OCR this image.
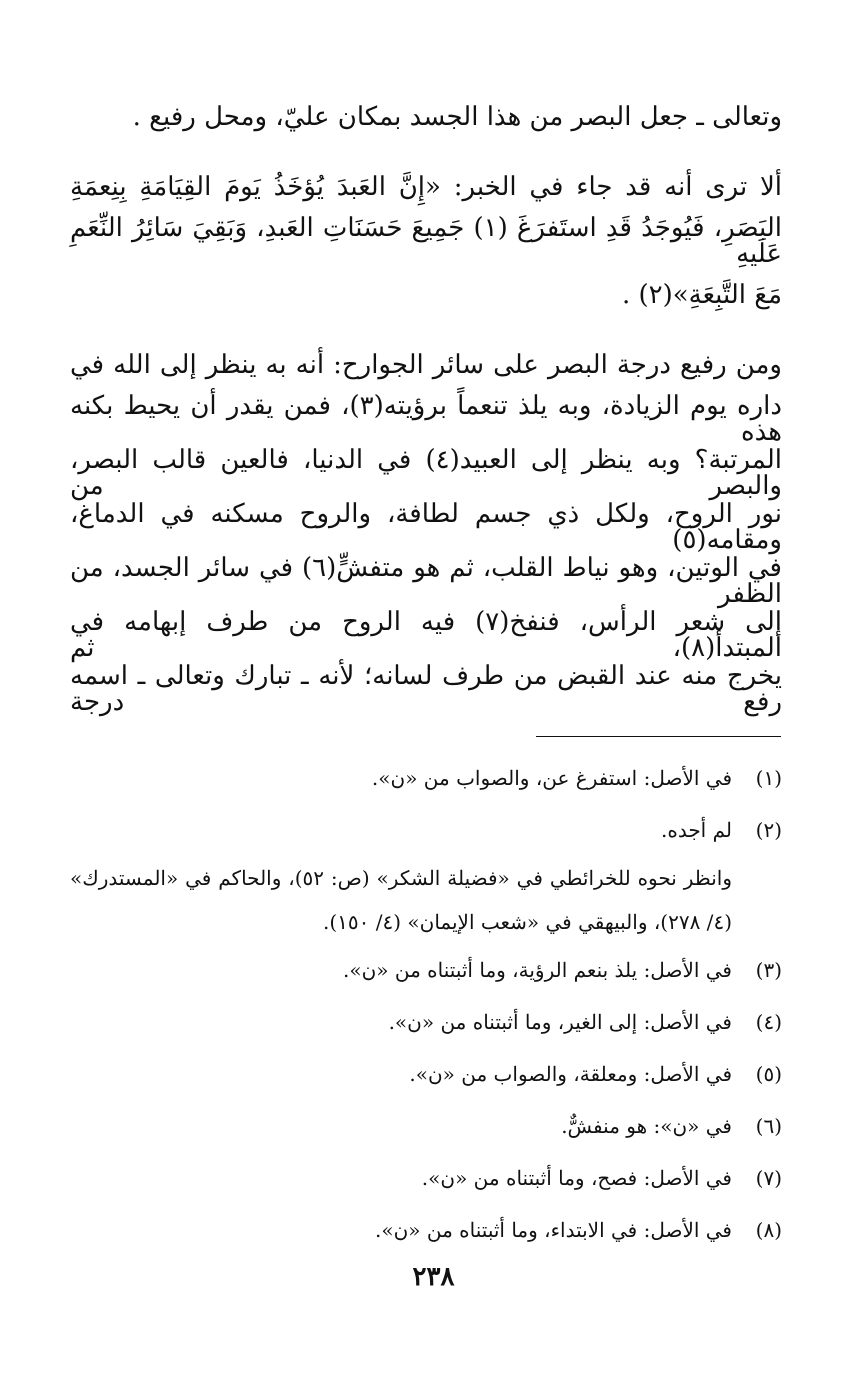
وتعالى ـ جعل البصر من هذا الجسد بمكان عليّ، ومحل رفيع .
ألا ترى أنه قد جاء في الخبر: «إِنَّ العَبدَ يُؤخَذُ يَومَ القِيَامَةِ بِنِعمَةِ
البَصَرِ، فَيُوجَدُ قَدِ استَفرَغَ (١) جَمِيعَ حَسَنَاتِ العَبدِ، وَبَقِيَ سَائِرُ النِّعَمِ عَلَيهِ
مَعَ التَّبِعَةِ»(٢) .
ومن رفيع درجة البصر على سائر الجوارح: أنه به ينظر إلى الله في
داره يوم الزيادة، وبه يلذ تنعماً برؤيته(٣)، فمن يقدر أن يحيط بكنه هذه
المرتبة؟ وبه ينظر إلى العبيد(٤) في الدنيا، فالعين قالب البصر، والبصر من
نور الروح، ولكل ذي جسم لطافة، والروح مسكنه في الدماغ، ومقامه(٥)
في الوتين، وهو نياط القلب، ثم هو متفشٍّ(٦) في سائر الجسد، من الظفر
إلى شعر الرأس، فنفخ(٧) فيه الروح من طرف إبهامه في المبتدأ(٨)، ثم
يخرج منه عند القبض من طرف لسانه؛ لأنه ـ تبارك وتعالى ـ اسمه رفع درجة
(١)
في الأصل: استفرغ عن، والصواب من «ن».
(٢)
لم أجده.
وانظر نحوه للخرائطي في «فضيلة الشكر» (ص: ٥٢)، والحاكم في «المستدرك»
(٤/ ٢٧٨)، والبيهقي في «شعب الإيمان» (٤/ ١٥٠).
(٣)
في الأصل: يلذ بنعم الرؤية، وما أثبتناه من «ن».
(٤)
في الأصل: إلى الغير، وما أثبتناه من «ن».
(٥)
في الأصل: ومعلقة، والصواب من «ن».
(٦)
في «ن»: هو منفشٌّ.
(٧)
في الأصل: فصح، وما أثبتناه من «ن».
(٨)
في الأصل: في الابتداء، وما أثبتناه من «ن».
٢٣٨
